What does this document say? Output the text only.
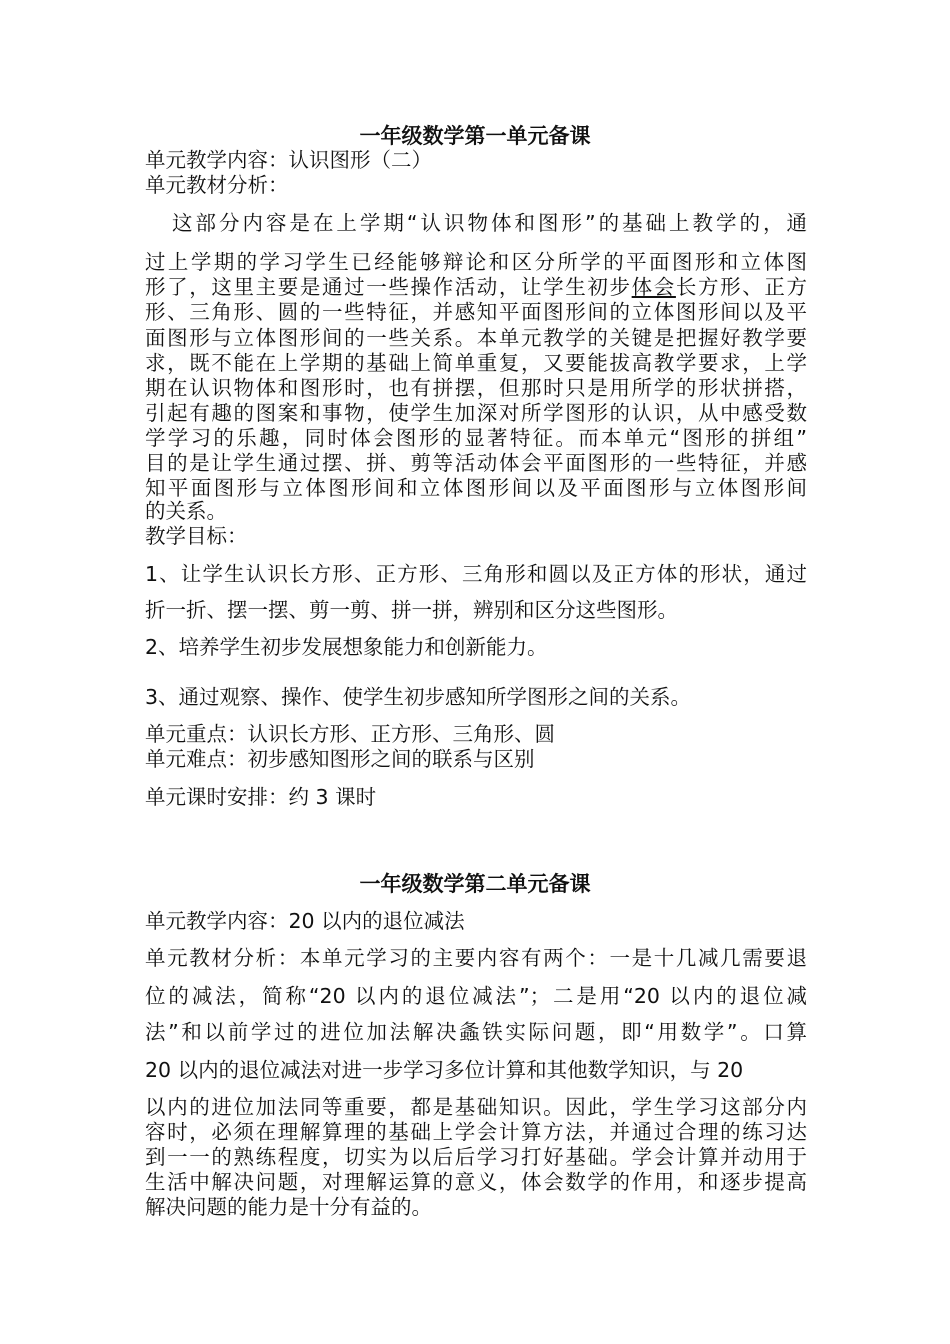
一年级数学第一单元备课
单元教学内容：认识图形（二）
单元教材分析：
这部分内容是在上学期“认识物体和图形”的基础上教学的，通
过上学期的学习学生已经能够辩论和区分所学的平面图形和立体图
形了，这里主要是通过一些操作活动，让学生初步体会长方形、正方
形、三角形、圆的一些特征，并感知平面图形间的立体图形间以及平
面图形与立体图形间的一些关系。本单元教学的关键是把握好教学要
求，既不能在上学期的基础上简单重复，又要能拔高教学要求，上学
期在认识物体和图形时，也有拼摆，但那时只是用所学的形状拼搭，
引起有趣的图案和事物，使学生加深对所学图形的认识，从中感受数
学学习的乐趣，同时体会图形的显著特征。而本单元“图形的拼组”
目的是让学生通过摆、拼、剪等活动体会平面图形的一些特征，并感
知平面图形与立体图形间和立体图形间以及平面图形与立体图形间
的关系。
教学目标：
1、让学生认识长方形、正方形、三角形和圆以及正方体的形状，通过
折一折、摆一摆、剪一剪、拼一拼，辨别和区分这些图形。
2、培养学生初步发展想象能力和创新能力。
3、通过观察、操作、使学生初步感知所学图形之间的关系。
单元重点：认识长方形、正方形、三角形、圆
单元难点：初步感知图形之间的联系与区别
单元课时安排：约 3 课时
一年级数学第二单元备课
单元教学内容：20 以内的退位减法
单元教材分析：本单元学习的主要内容有两个：一是十几减几需要退
位的减法，简称“20 以内的退位减法”；二是用“20 以内的退位减
法”和以前学过的进位加法解决螽铁实际问题，即“用数学”。口算
20 以内的退位减法对进一步学习多位计算和其他数学知识，与 20
以内的进位加法同等重要，都是基础知识。因此，学生学习这部分内
容时，必须在理解算理的基础上学会计算方法，并通过合理的练习达
到一一的熟练程度，切实为以后后学习打好基础。学会计算并动用于
生活中解决问题，对理解运算的意义，体会数学的作用，和逐步提高
解决问题的能力是十分有益的。
